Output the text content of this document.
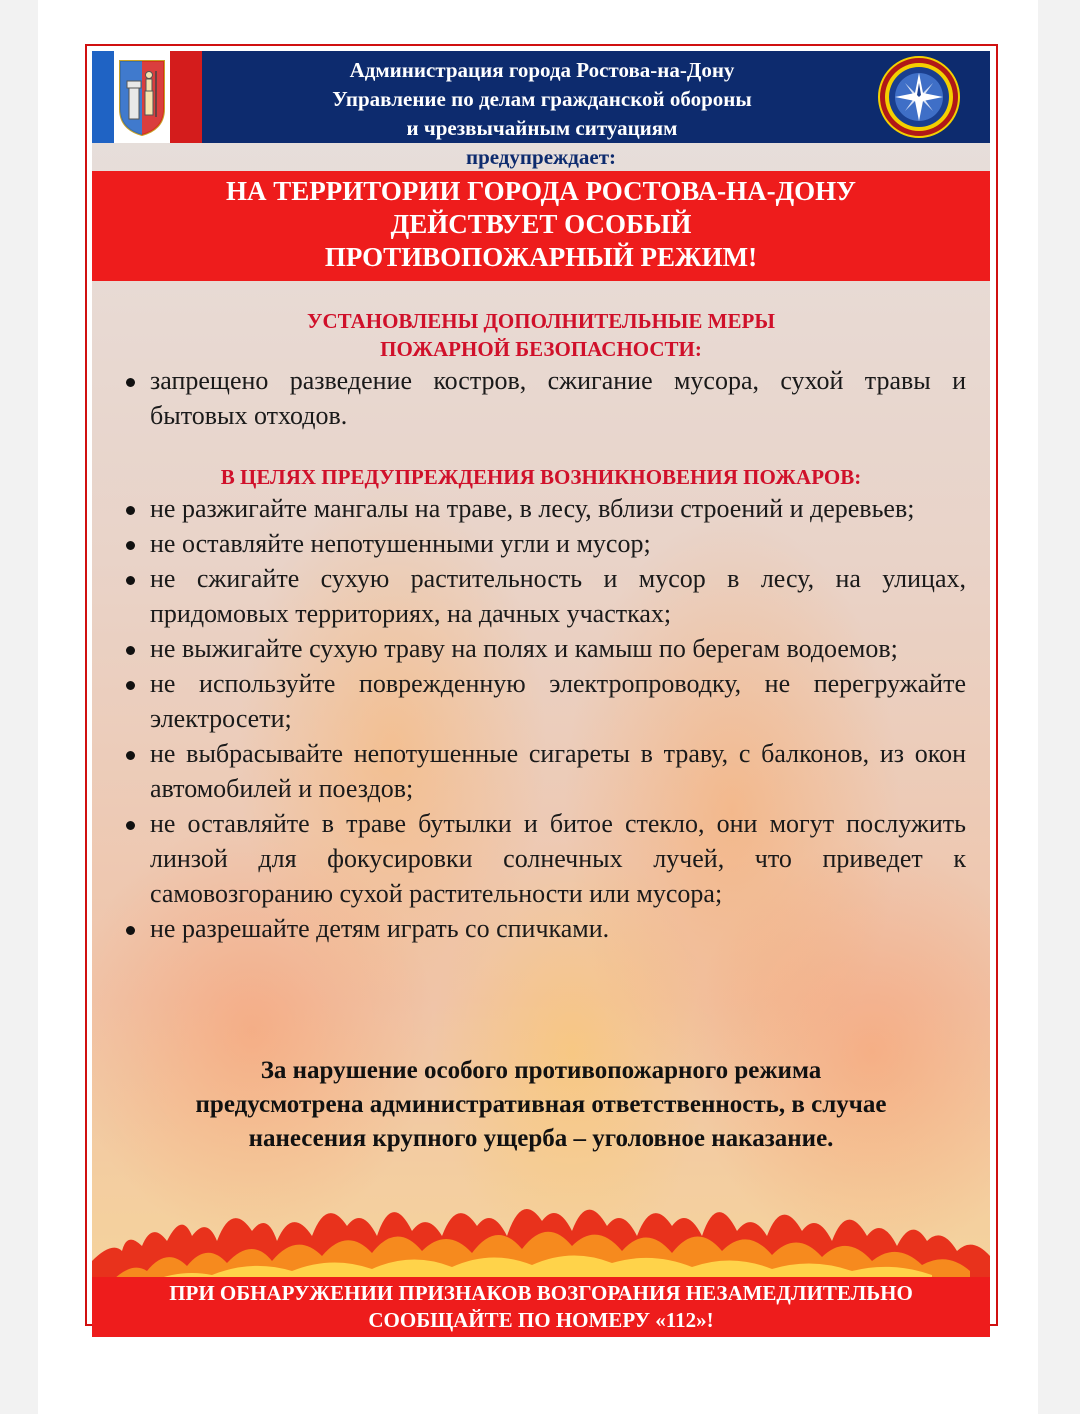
Администрация города Ростова-на-Дону
Управление по делам гражданской обороны
и чрезвычайным ситуациям
предупреждает:
НА ТЕРРИТОРИИ ГОРОДА РОСТОВА-НА-ДОНУ
ДЕЙСТВУЕТ ОСОБЫЙ
ПРОТИВОПОЖАРНЫЙ РЕЖИМ!
УСТАНОВЛЕНЫ ДОПОЛНИТЕЛЬНЫЕ МЕРЫ
ПОЖАРНОЙ БЕЗОПАСНОСТИ:
запрещено разведение костров, сжигание мусора, сухой травы и бытовых отходов.
В ЦЕЛЯХ ПРЕДУПРЕЖДЕНИЯ ВОЗНИКНОВЕНИЯ ПОЖАРОВ:
не разжигайте мангалы на траве, в лесу, вблизи строений и деревьев;
не оставляйте непотушенными угли и мусор;
не сжигайте сухую растительность и мусор в лесу, на улицах, придомовых территориях, на дачных участках;
не выжигайте сухую траву на полях и камыш по берегам водоемов;
не используйте поврежденную электропроводку, не перегружайте электросети;
не выбрасывайте непотушенные сигареты в траву, с балконов, из окон автомобилей и поездов;
не оставляйте в траве бутылки и битое стекло, они могут послужить линзой для фокусировки солнечных лучей, что приведет к самовозгоранию сухой растительности или мусора;
не разрешайте детям играть со спичками.
За нарушение особого противопожарного режима
предусмотрена административная ответственность, в случае
нанесения крупного ущерба – уголовное наказание.
ПРИ ОБНАРУЖЕНИИ ПРИЗНАКОВ ВОЗГОРАНИЯ НЕЗАМЕДЛИТЕЛЬНО
СООБЩАЙТЕ ПО НОМЕРУ «112»!
